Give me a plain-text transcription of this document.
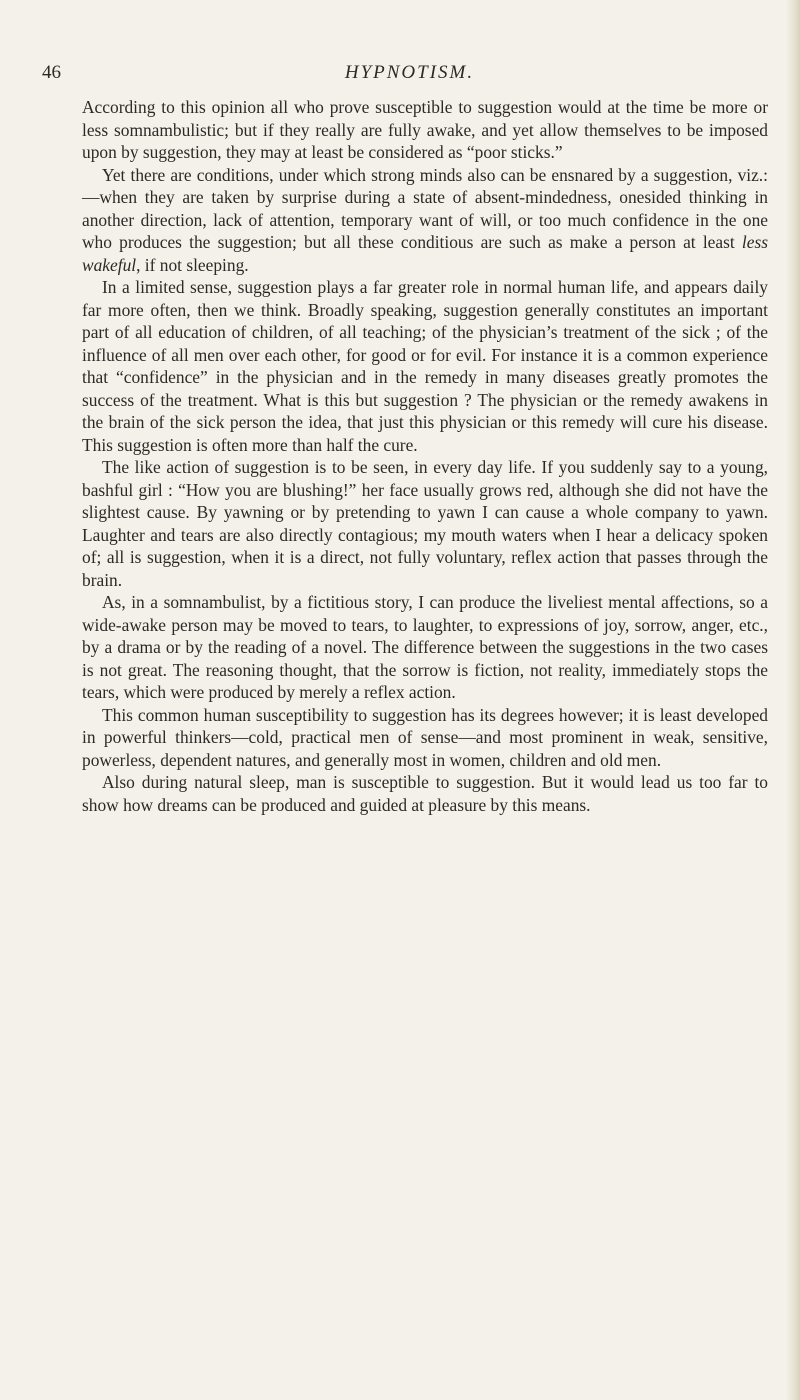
46	HYPNOTISM.

According to this opinion all who prove susceptible to suggestion would at the time be more or less somnambulistic; but if they really are fully awake, and yet allow themselves to be imposed upon by suggestion, they may at least be considered as “poor sticks.”

Yet there are conditions, under which strong minds also can be ensnared by a suggestion, viz.:—when they are taken by surprise during a state of absent-mindedness, onesided thinking in another direction, lack of attention, temporary want of will, or too much confidence in the one who produces the suggestion; but all these conditious are such as make a person at least less wakeful, if not sleeping.

In a limited sense, suggestion plays a far greater role in normal human life, and appears daily far more often, then we think. Broadly speaking, suggestion generally constitutes an important part of all education of children, of all teaching; of the physician’s treatment of the sick ; of the influence of all men over each other, for good or for evil. For instance it is a common experience that “confidence” in the physician and in the remedy in many diseases greatly promotes the success of the treatment. What is this but suggestion ? The physician or the remedy awakens in the brain of the sick person the idea, that just this physician or this remedy will cure his disease. This suggestion is often more than half the cure.

The like action of suggestion is to be seen, in every day life. If you suddenly say to a young, bashful girl : “How you are blushing!” her face usually grows red, although she did not have the slightest cause. By yawning or by pretending to yawn I can cause a whole company to yawn. Laughter and tears are also directly contagious; my mouth waters when I hear a delicacy spoken of; all is suggestion, when it is a direct, not fully voluntary, reflex action that passes through the brain.

As, in a somnambulist, by a fictitious story, I can produce the liveliest mental affections, so a wide-awake person may be moved to tears, to laughter, to expressions of joy, sorrow, anger, etc., by a drama or by the reading of a novel. The difference between the suggestions in the two cases is not great. The reasoning thought, that the sorrow is fiction, not reality, immediately stops the tears, which were produced by merely a reflex action.

This common human susceptibility to suggestion has its degrees however; it is least developed in powerful thinkers—cold, practical men of sense—and most prominent in weak, sensitive, powerless, dependent natures, and generally most in women, children and old men.

Also during natural sleep, man is susceptible to suggestion. But it would lead us too far to show how dreams can be produced and guided at pleasure by this means.
